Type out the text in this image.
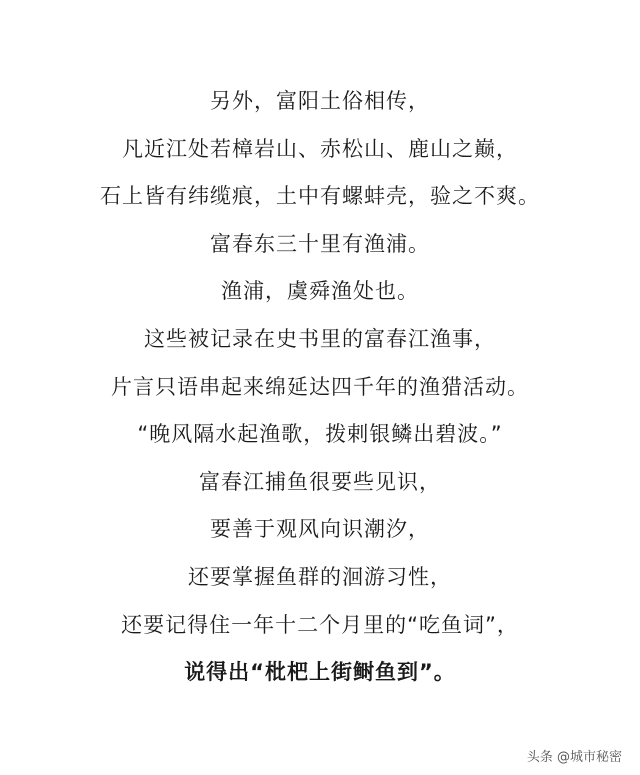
另外，富阳土俗相传，
凡近江处若樟岩山、赤松山、鹿山之巅，
石上皆有纬缆痕，土中有螺蚌壳，验之不爽。
富春东三十里有渔浦。
渔浦，虞舜渔处也。
这些被记录在史书里的富春江渔事，
片言只语串起来绵延达四千年的渔猎活动。
“晚风隔水起渔歌，拨剌银鳞出碧波。”
富春江捕鱼很要些见识，
要善于观风向识潮汐，
还要掌握鱼群的洄游习性，
还要记得住一年十二个月里的“吃鱼词”，
说得出“枇杷上街鲥鱼到”。
头条 @城市秘密
